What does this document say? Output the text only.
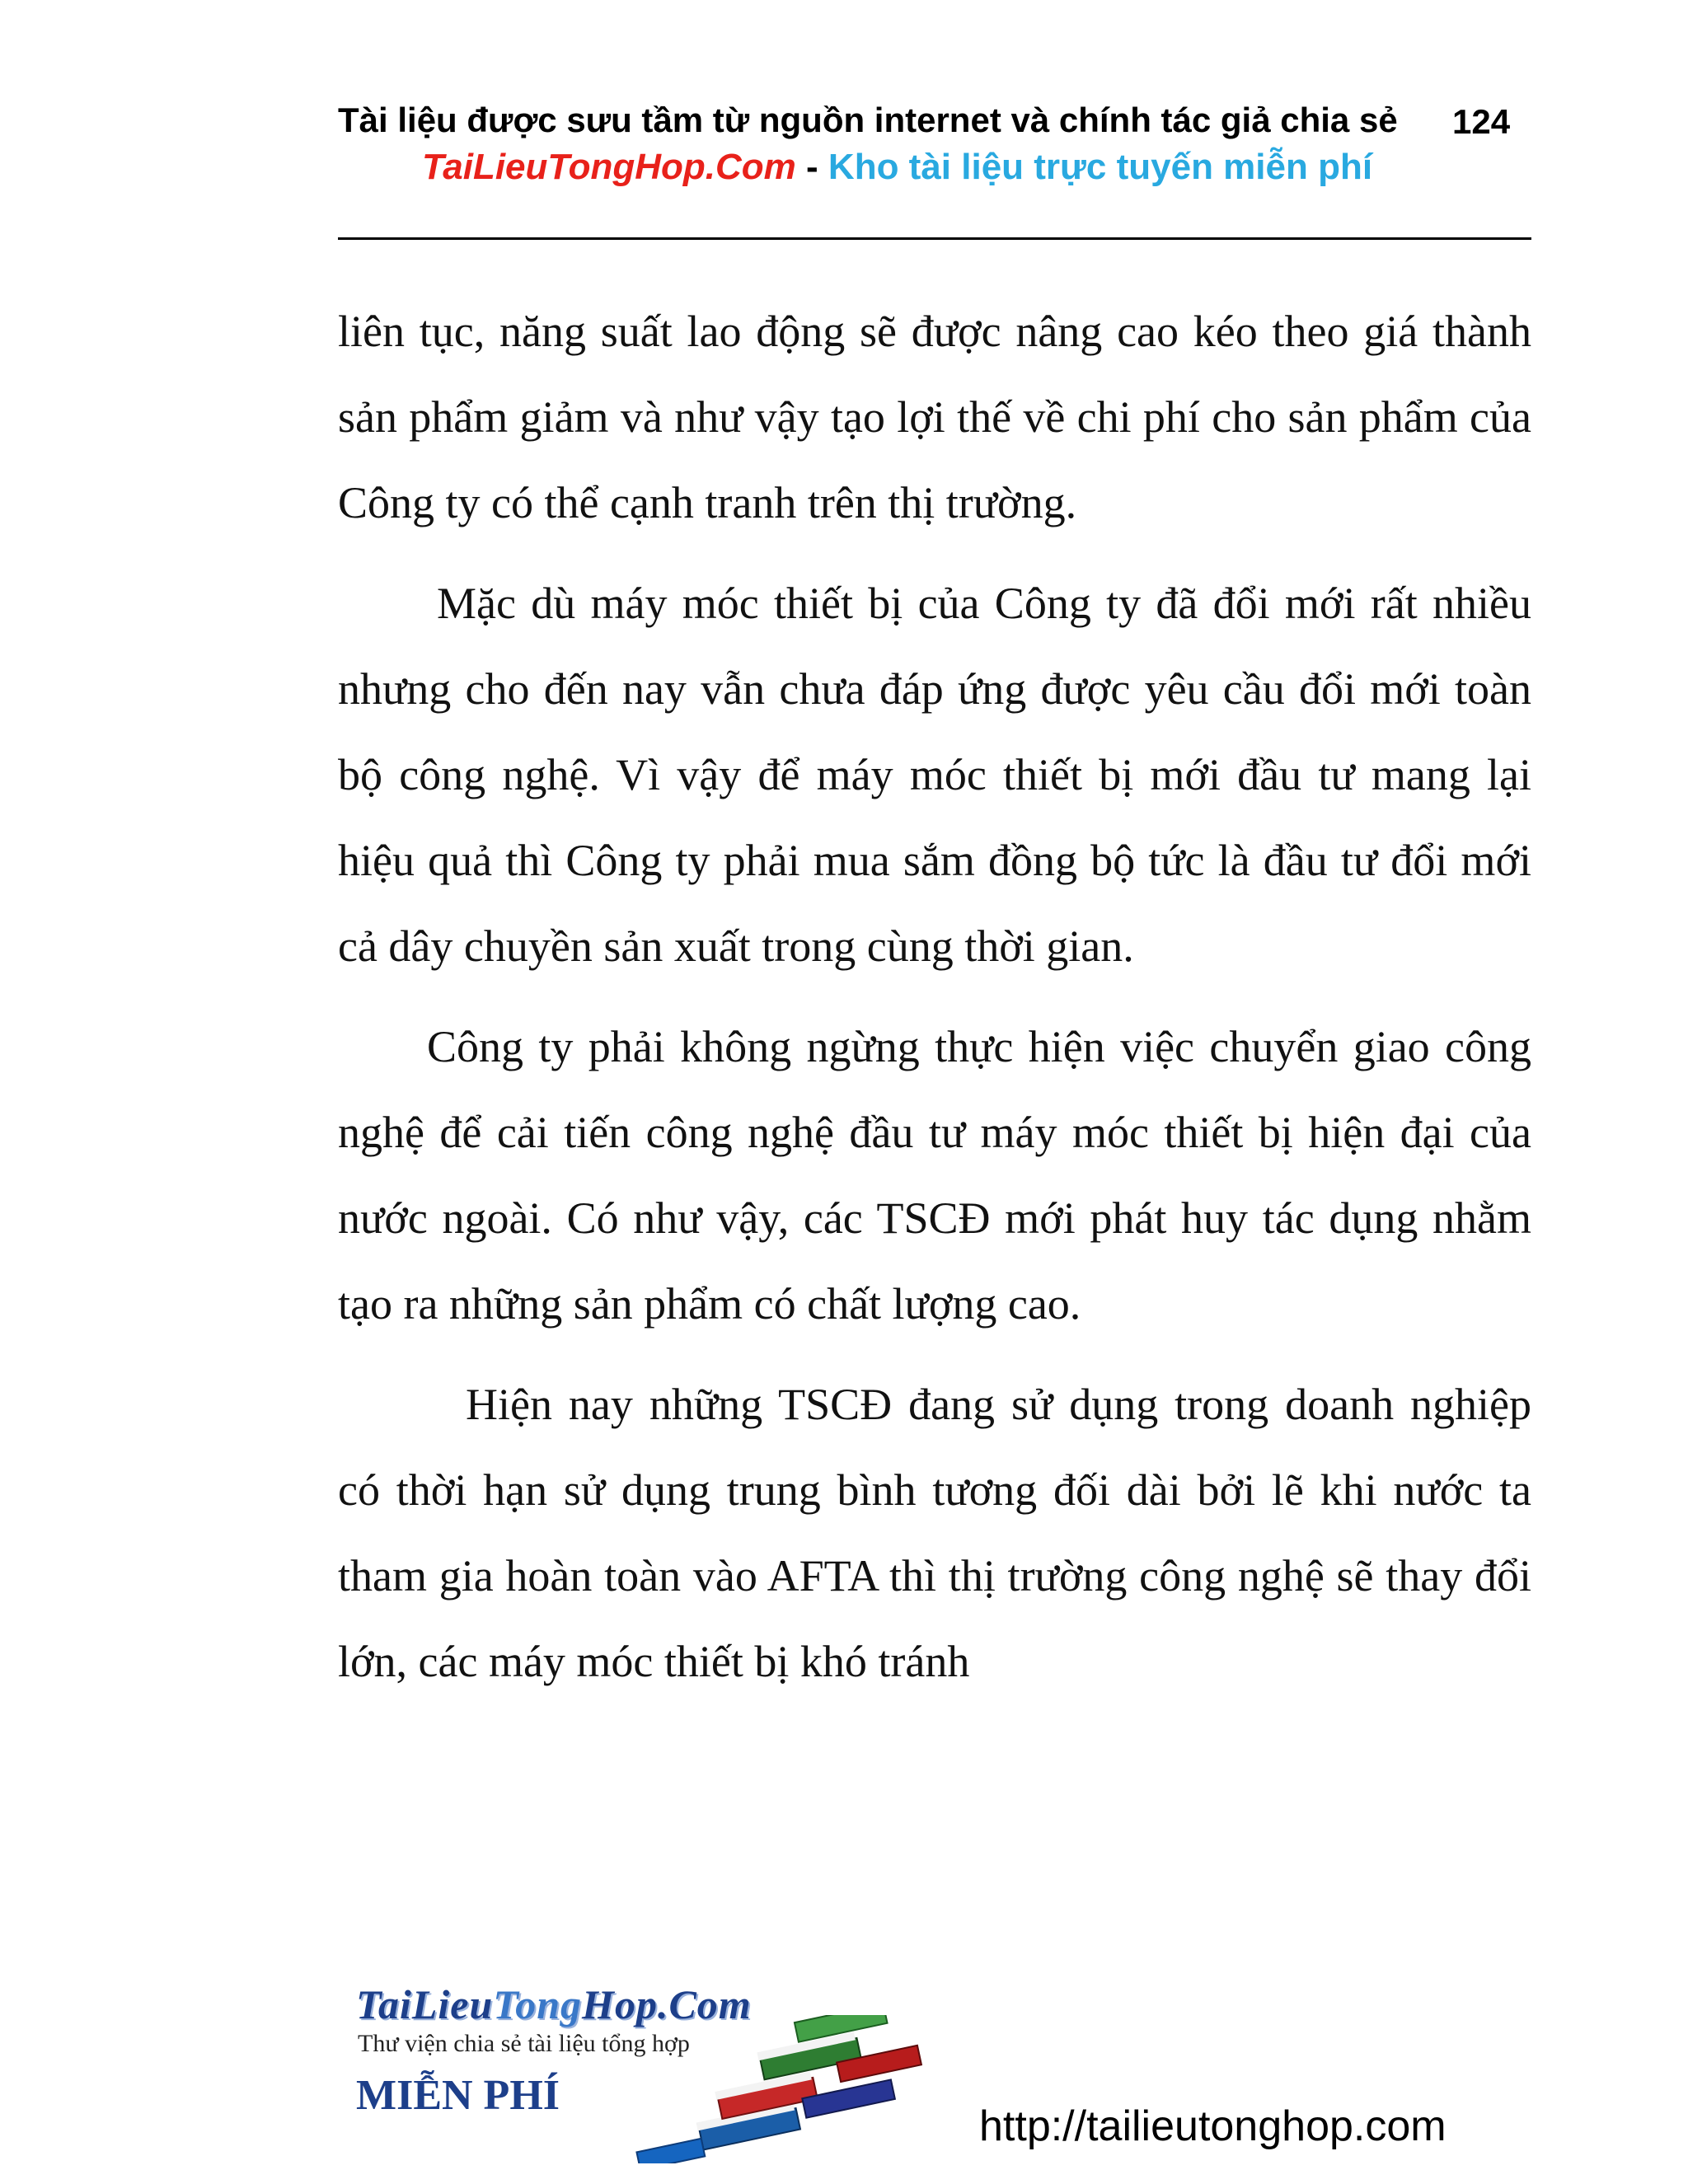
Tài liệu được sưu tầm từ nguồn internet và chính tác giả chia sẻ 124
TaiLieuTongHop.Com - Kho tài liệu trực tuyến miễn phí

liên tục, năng suất lao động sẽ được nâng cao kéo theo giá thành sản phẩm giảm và như vậy tạo lợi thế về chi phí cho sản phẩm của Công ty có thể cạnh tranh trên thị trường.

Mặc dù máy móc thiết bị của Công ty đã đổi mới rất nhiều nhưng cho đến nay vẫn chưa đáp ứng được yêu cầu đổi mới toàn bộ công nghệ. Vì vậy để máy móc thiết bị mới đầu tư mang lại hiệu quả thì Công ty phải mua sắm đồng bộ tức là đầu tư đổi mới cả dây chuyền sản xuất trong cùng thời gian.

Công ty phải không ngừng thực hiện việc chuyển giao công nghệ để cải tiến công nghệ đầu tư máy móc thiết bị hiện đại của nước ngoài. Có như vậy, các TSCĐ mới phát huy tác dụng nhằm tạo ra những sản phẩm có chất lượng cao.

Hiện nay những TSCĐ đang sử dụng trong doanh nghiệp có thời hạn sử dụng trung bình tương đối dài bởi lẽ khi nước ta tham gia hoàn toàn vào AFTA thì thị trường công nghệ sẽ thay đổi lớn, các máy móc thiết bị khó tránh

TaiLieuTongHop.Com
Thư viện chia sẻ tài liệu tổng hợp
MIỄN PHÍ
http://tailieutonghop.com
